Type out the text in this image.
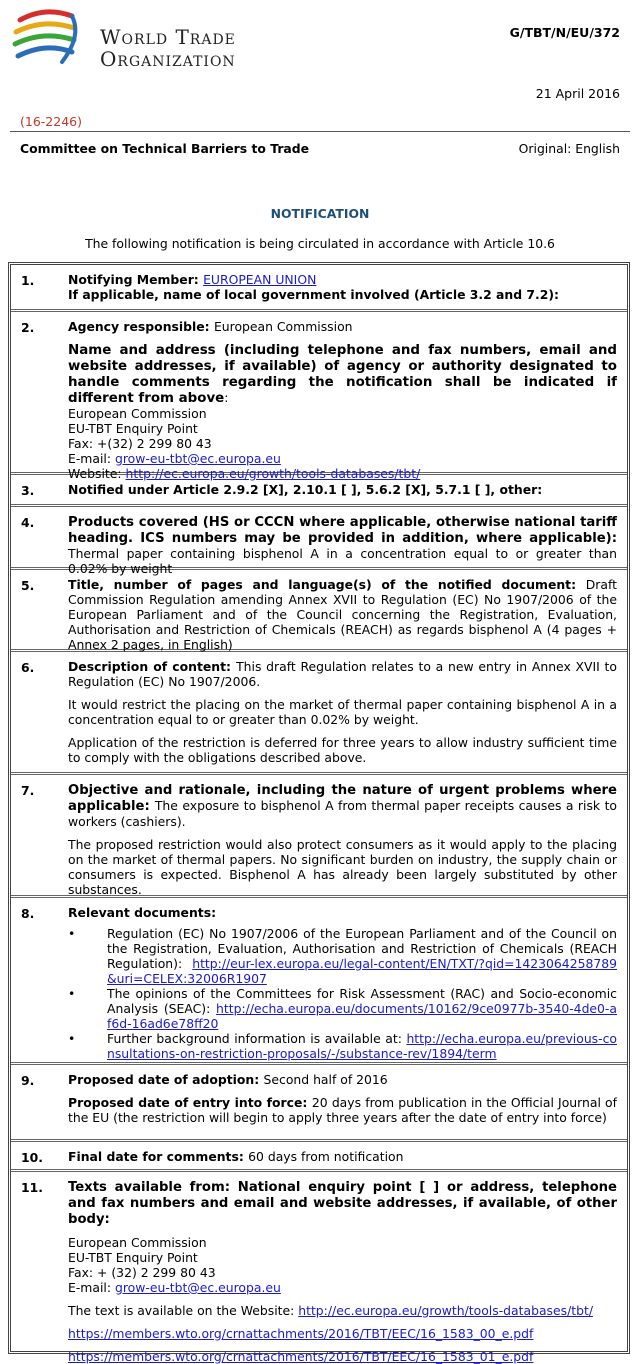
World Trade
Organization
G/TBT/N/EU/372
21 April 2016
(16-2246)
Committee on Technical Barriers to Trade	Original: English
NOTIFICATION
The following notification is being circulated in accordance with Article 10.6
1.	Notifying Member: EUROPEAN UNION
If applicable, name of local government involved (Article 3.2 and 7.2):
2.	Agency responsible: European Commission

Name and address (including telephone and fax numbers, email and website addresses, if available) of agency or authority designated to handle comments regarding the notification shall be indicated if different from above:
European Commission
EU-TBT Enquiry Point
Fax: +(32) 2 299 80 43
E-mail: grow-eu-tbt@ec.europa.eu
Website: http://ec.europa.eu/growth/tools-databases/tbt/
3.	Notified under Article 2.9.2 [X], 2.10.1 [ ], 5.6.2 [X], 5.7.1 [ ], other:
4.	Products covered (HS or CCCN where applicable, otherwise national tariff heading. ICS numbers may be provided in addition, where applicable): Thermal paper containing bisphenol A in a concentration equal to or greater than 0.02% by weight
5.	Title, number of pages and language(s) of the notified document: Draft Commission Regulation amending Annex XVII to Regulation (EC) No 1907/2006 of the European Parliament and of the Council concerning the Registration, Evaluation, Authorisation and Restriction of Chemicals (REACH) as regards bisphenol A (4 pages + Annex 2 pages, in English)
6.	Description of content: This draft Regulation relates to a new entry in Annex XVII to Regulation (EC) No 1907/2006.

It would restrict the placing on the market of thermal paper containing bisphenol A in a concentration equal to or greater than 0.02% by weight.

Application of the restriction is deferred for three years to allow industry sufficient time to comply with the obligations described above.

7.	Objective and rationale, including the nature of urgent problems where applicable: The exposure to bisphenol A from thermal paper receipts causes a risk to workers (cashiers).

The proposed restriction would also protect consumers as it would apply to the placing on the market of thermal papers. No significant burden on industry, the supply chain or consumers is expected. Bisphenol A has already been largely substituted by other substances.

8.	Relevant documents:

• Regulation (EC) No 1907/2006 of the European Parliament and of the Council on the Registration, Evaluation, Authorisation and Restriction of Chemicals (REACH Regulation): http://eur-lex.europa.eu/legal-content/EN/TXT/?qid=1423064258789&uri=CELEX:32006R1907
• The opinions of the Committees for Risk Assessment (RAC) and Socio-economic Analysis (SEAC): http://echa.europa.eu/documents/10162/9ce0977b-3540-4de0-af6d-16ad6e78ff20
• Further background information is available at: http://echa.europa.eu/previous-consultations-on-restriction-proposals/-/substance-rev/1894/term
9.	Proposed date of adoption: Second half of 2016

Proposed date of entry into force: 20 days from publication in the Official Journal of the EU (the restriction will begin to apply three years after the date of entry into force)

10. Final date for comments: 60 days from notification
11. Texts available from: National enquiry point [ ] or address, telephone and fax numbers and email and website addresses, if available, of other body:

European Commission
EU-TBT Enquiry Point
Fax: + (32) 2 299 80 43
E-mail: grow-eu-tbt@ec.europa.eu

The text is available on the Website: http://ec.europa.eu/growth/tools-databases/tbt/

https://members.wto.org/crnattachments/2016/TBT/EEC/16_1583_00_e.pdf

https://members.wto.org/crnattachments/2016/TBT/EEC/16_1583_01_e.pdf
